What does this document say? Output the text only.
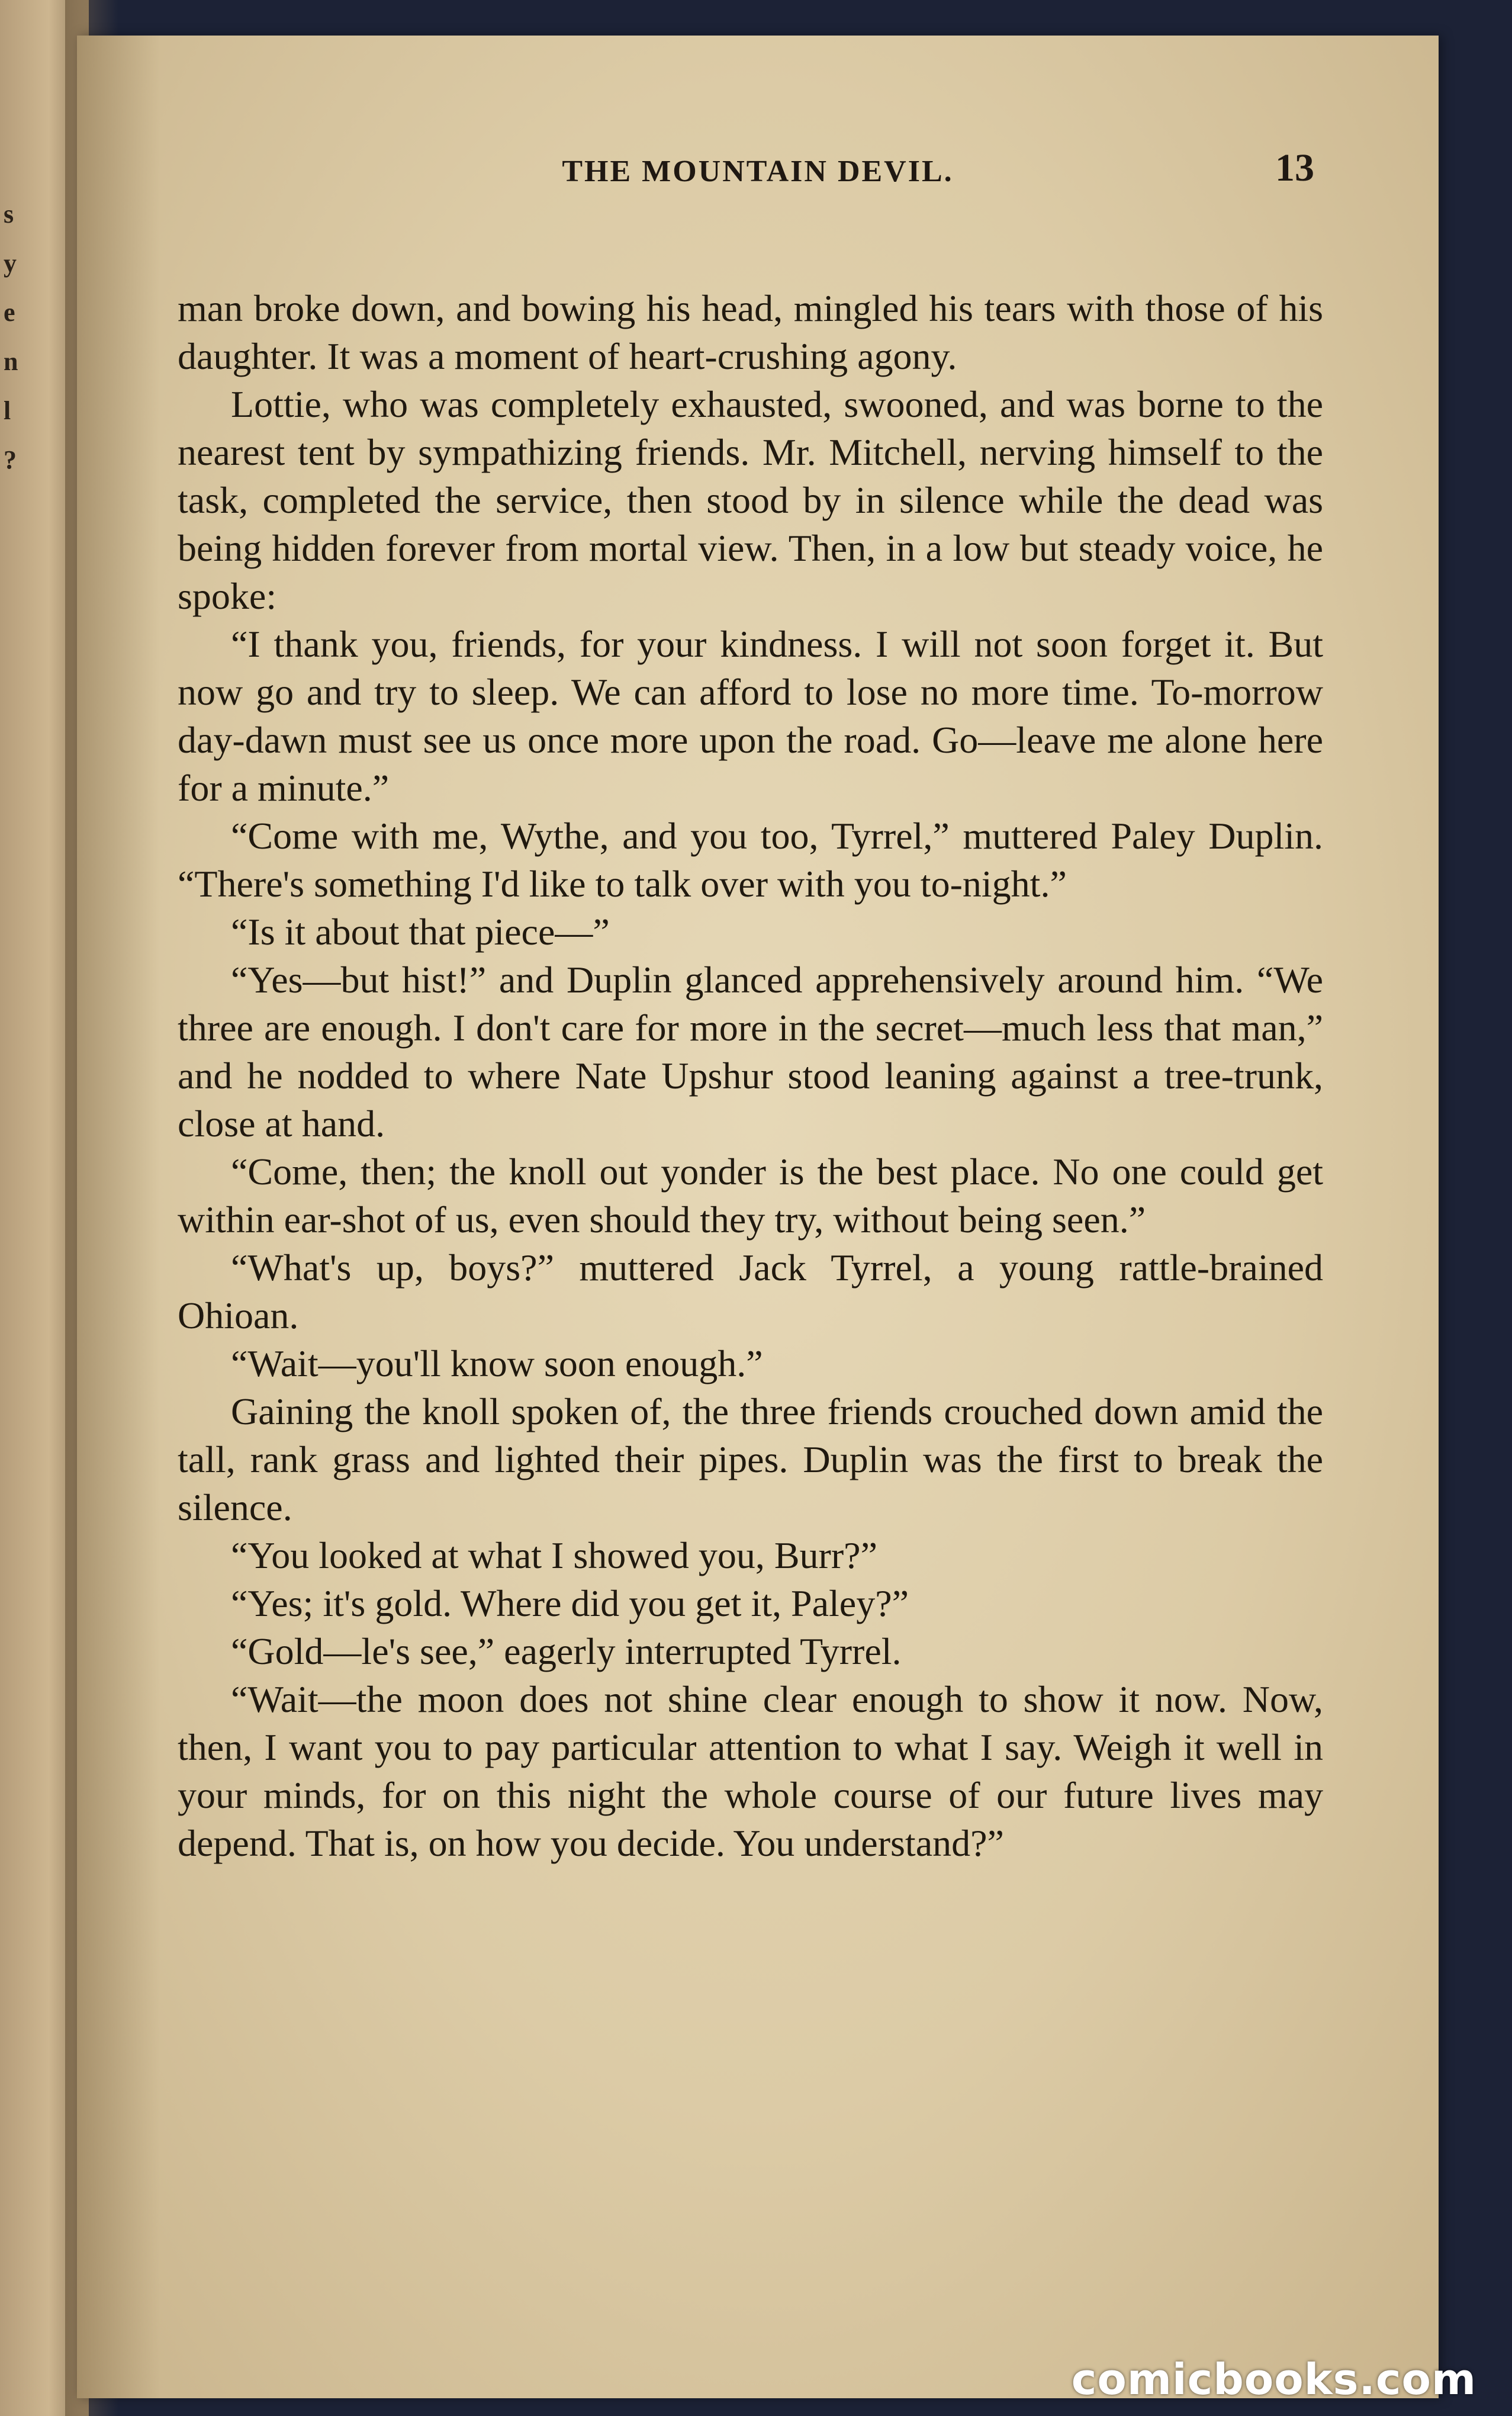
s
y
e
n
l
?
THE MOUNTAIN DEVIL.	13

man broke down, and bowing his head, mingled his tears with those of his daughter. It was a moment of heart-crushing agony.

Lottie, who was completely exhausted, swooned, and was borne to the nearest tent by sympathizing friends. Mr. Mitchell, nerving himself to the task, completed the service, then stood by in silence while the dead was being hidden forever from mortal view. Then, in a low but steady voice, he spoke:

“I thank you, friends, for your kindness. I will not soon forget it. But now go and try to sleep. We can afford to lose no more time. To-morrow day-dawn must see us once more upon the road. Go—leave me alone here for a minute.”

“Come with me, Wythe, and you too, Tyrrel,” muttered Paley Duplin. “There's something I'd like to talk over with you to-night.”

“Is it about that piece—”

“Yes—but hist!” and Duplin glanced apprehensively around him. “We three are enough. I don't care for more in the secret—much less that man,” and he nodded to where Nate Upshur stood leaning against a tree-trunk, close at hand.

“Come, then; the knoll out yonder is the best place. No one could get within ear-shot of us, even should they try, without being seen.”

“What's up, boys?” muttered Jack Tyrrel, a young rattle-brained Ohioan.

“Wait—you'll know soon enough.”

Gaining the knoll spoken of, the three friends crouched down amid the tall, rank grass and lighted their pipes. Duplin was the first to break the silence.

“You looked at what I showed you, Burr?”

“Yes; it's gold. Where did you get it, Paley?”

“Gold—le's see,” eagerly interrupted Tyrrel.

“Wait—the moon does not shine clear enough to show it now. Now, then, I want you to pay particular attention to what I say. Weigh it well in your minds, for on this night the whole course of our future lives may depend. That is, on how you decide. You understand?”

comicbooks.com
